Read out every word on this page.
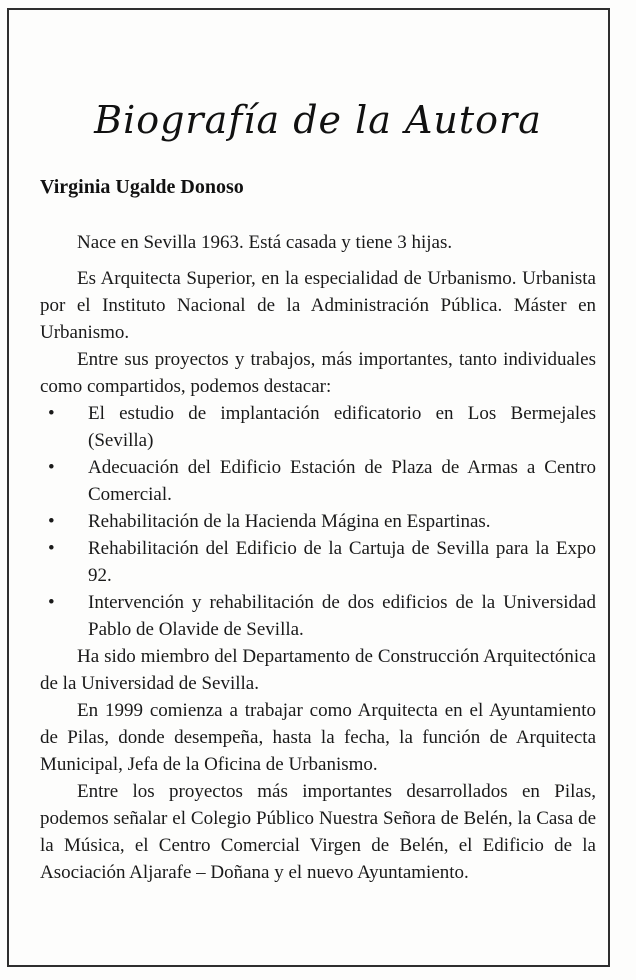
Biografía de la Autora
Virginia Ugalde Donoso

Nace en Sevilla 1963. Está casada y tiene 3 hijas.

Es Arquitecta Superior, en la especialidad de Urbanismo. Urbanista por el Instituto Nacional de la Administración Pública. Máster en Urbanismo.

Entre sus proyectos y trabajos, más importantes, tanto individuales como compartidos, podemos destacar:

•	El estudio de implantación edificatorio en Los Bermejales (Sevilla)
•	Adecuación del Edificio Estación de Plaza de Armas a Centro Comercial.
•	Rehabilitación de la Hacienda Mágina en Espartinas.
•	Rehabilitación del Edificio de la Cartuja de Sevilla para la Expo 92.
•	Intervención y rehabilitación de dos edificios de la Universidad Pablo de Olavide de Sevilla.

Ha sido miembro del Departamento de Construcción Arquitectónica de la Universidad de Sevilla.

En 1999 comienza a trabajar como Arquitecta en el Ayuntamiento de Pilas, donde desempeña, hasta la fecha, la función de Arquitecta Municipal, Jefa de la Oficina de Urbanismo.

Entre los proyectos más importantes desarrollados en Pilas, podemos señalar el Colegio Público Nuestra Señora de Belén, la Casa de la Música, el Centro Comercial Virgen de Belén, el Edificio de la Asociación Aljarafe – Doñana y el nuevo Ayuntamiento.
